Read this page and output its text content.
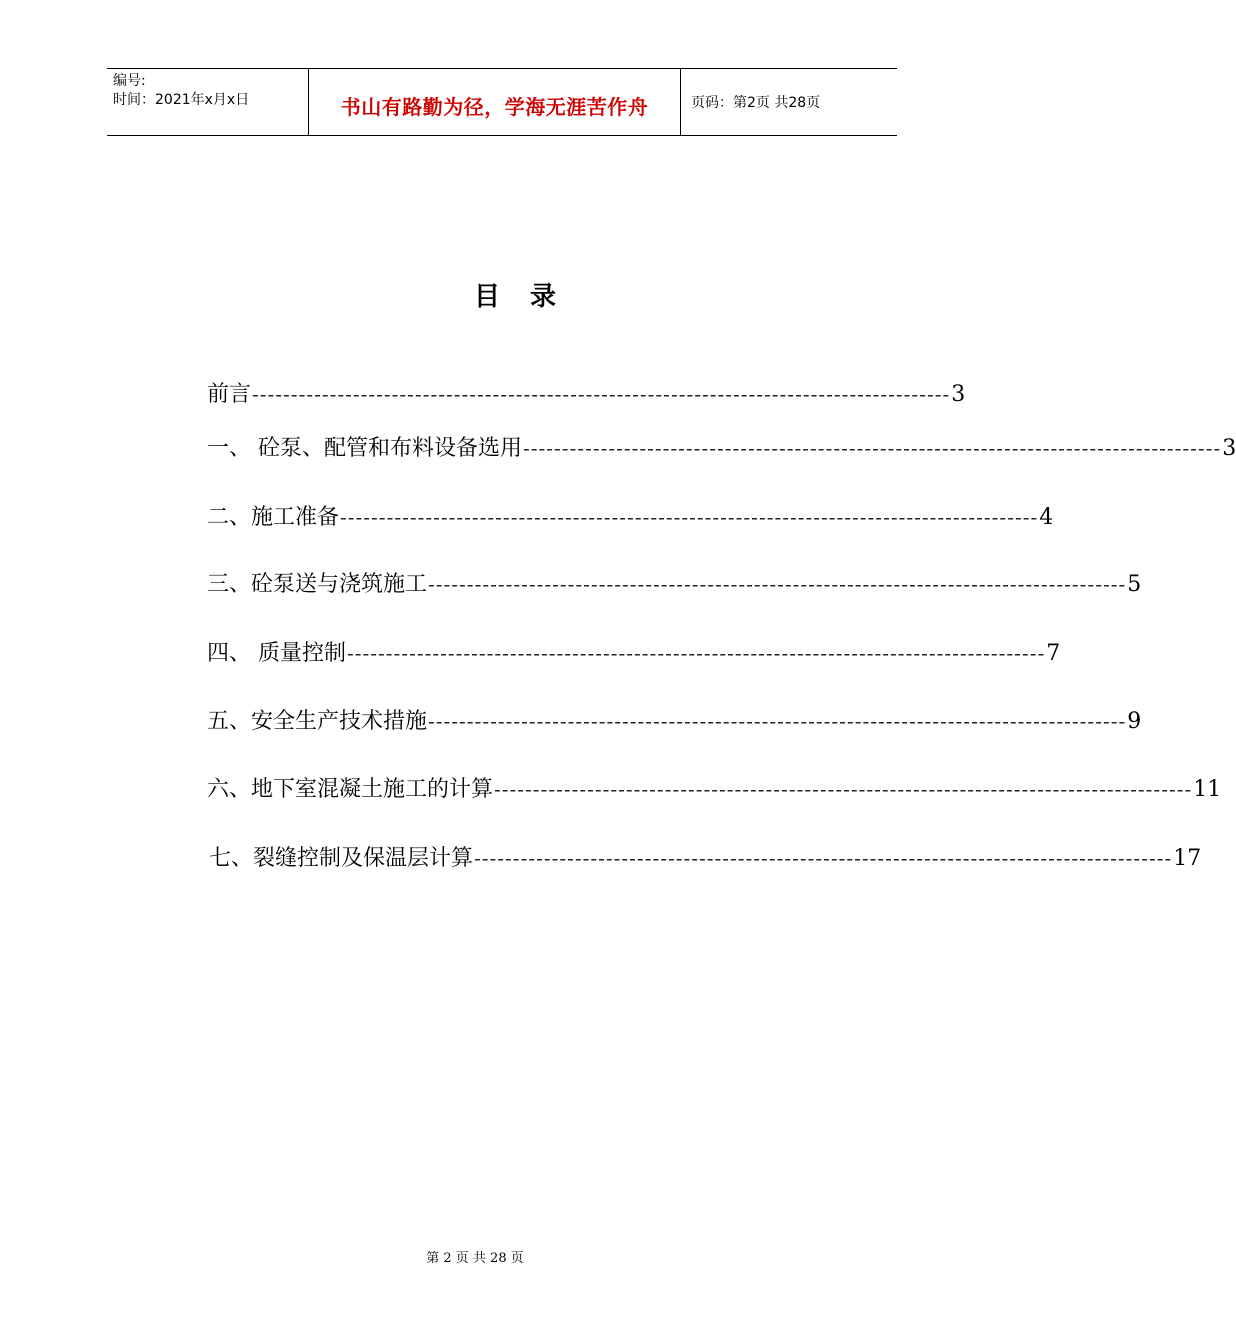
编号:
时间：2021年x月x日	书山有路勤为径，学海无涯苦作舟	页码：第2页 共28页
目录
前言 ------------------------------------------------------------------------------------------ 3
一、 砼泵、配管和布料设备选用 ------------------------------------------------------------------------------------------ 3
二、施工准备 ------------------------------------------------------------------------------------------ 4
三、砼泵送与浇筑施工 ------------------------------------------------------------------------------------------ 5
四、 质量控制 ------------------------------------------------------------------------------------------ 7
五、安全生产技术措施 ------------------------------------------------------------------------------------------ 9
六、地下室混凝土施工的计算 ------------------------------------------------------------------------------------------ 11
七、裂缝控制及保温层计算 ------------------------------------------------------------------------------------------ 17
第 2 页 共 28 页
